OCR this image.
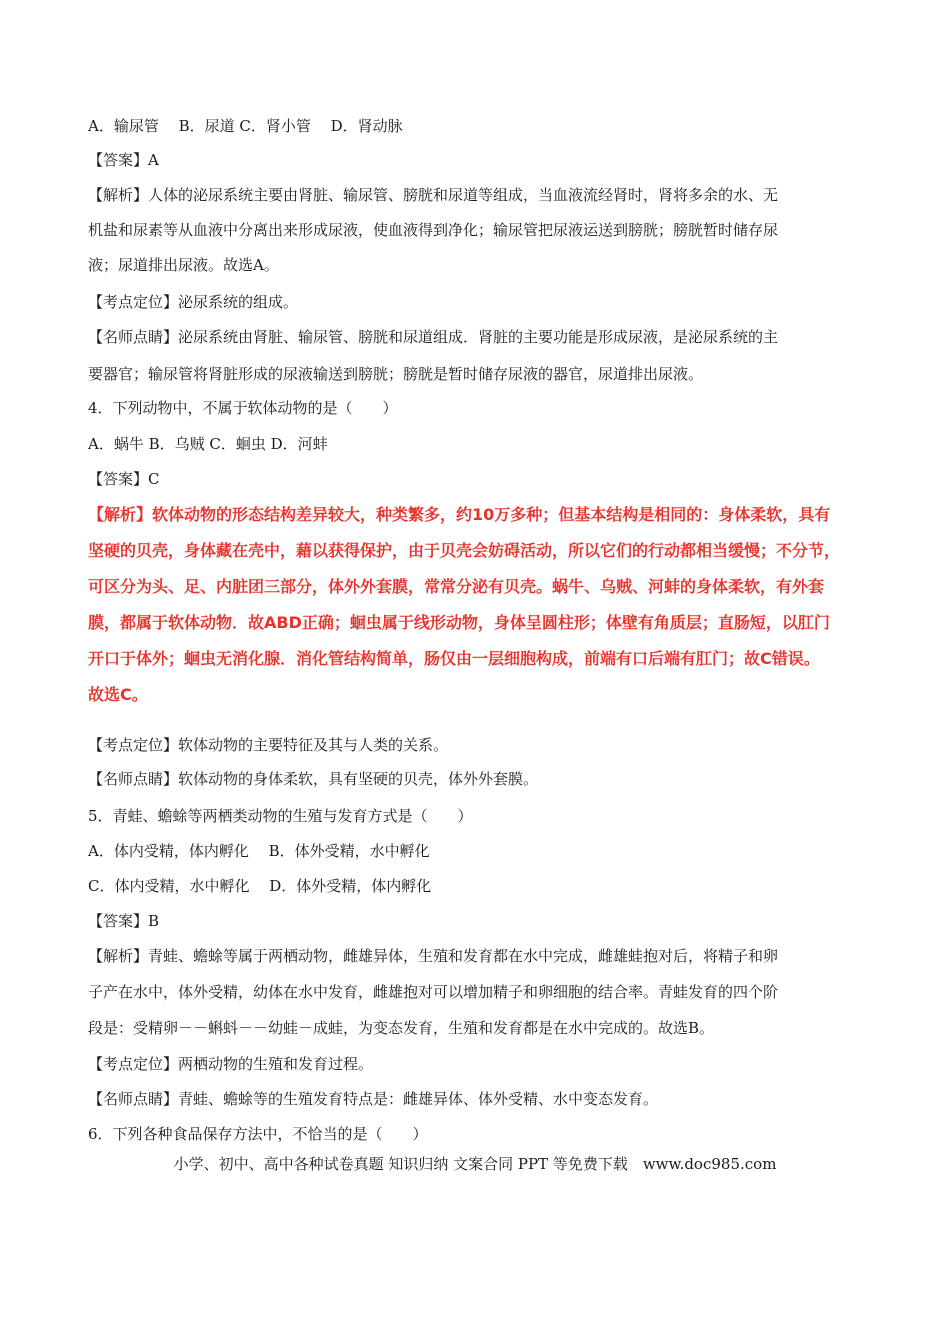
A．输尿管　 B．尿道 C．肾小管　 D．肾动脉
【答案】A
【解析】人体的泌尿系统主要由肾脏、输尿管、膀胱和尿道等组成，当血液流经肾时，肾将多余的水、无
机盐和尿素等从血液中分离出来形成尿液，使血液得到净化；输尿管把尿液运送到膀胱；膀胱暂时储存尿
液；尿道排出尿液。故选A。
【考点定位】泌尿系统的组成。
【名师点睛】泌尿系统由肾脏、输尿管、膀胱和尿道组成．肾脏的主要功能是形成尿液，是泌尿系统的主
要器官；输尿管将肾脏形成的尿液输送到膀胱；膀胱是暂时储存尿液的器官，尿道排出尿液。
4．下列动物中，不属于软体动物的是（　　）
A．蜗牛 B．乌贼 C．蛔虫 D．河蚌
【答案】C
【解析】软体动物的形态结构差异较大，种类繁多，约10万多种；但基本结构是相同的：身体柔软，具有
坚硬的贝壳，身体藏在壳中，藉以获得保护，由于贝壳会妨碍活动，所以它们的行动都相当缓慢；不分节，
可区分为头、足、内脏团三部分，体外外套膜，常常分泌有贝壳。蜗牛、乌贼、河蚌的身体柔软，有外套
膜，都属于软体动物．故ABD正确；蛔虫属于线形动物，身体呈圆柱形；体壁有角质层；直肠短，以肛门
开口于体外；蛔虫无消化腺．消化管结构简单，肠仅由一层细胞构成，前端有口后端有肛门；故C错误。
故选C。
【考点定位】软体动物的主要特征及其与人类的关系。
【名师点睛】软体动物的身体柔软，具有坚硬的贝壳，体外外套膜。
5．青蛙、蟾蜍等两栖类动物的生殖与发育方式是（　　）
A．体内受精，体内孵化　 B．体外受精，水中孵化
C．体内受精，水中孵化　 D．体外受精，体内孵化
【答案】B
【解析】青蛙、蟾蜍等属于两栖动物，雌雄异体，生殖和发育都在水中完成，雌雄蛙抱对后，将精子和卵
子产在水中，体外受精，幼体在水中发育，雌雄抱对可以增加精子和卵细胞的结合率。青蛙发育的四个阶
段是：受精卵－－蝌蚪－－幼蛙－成蛙，为变态发育，生殖和发育都是在水中完成的。故选B。
【考点定位】两栖动物的生殖和发育过程。
【名师点睛】青蛙、蟾蜍等的生殖发育特点是：雌雄异体、体外受精、水中变态发育。
6．下列各种食品保存方法中，不恰当的是（　　）
小学、初中、高中各种试卷真题 知识归纳 文案合同 PPT 等免费下载　www.doc985.com
